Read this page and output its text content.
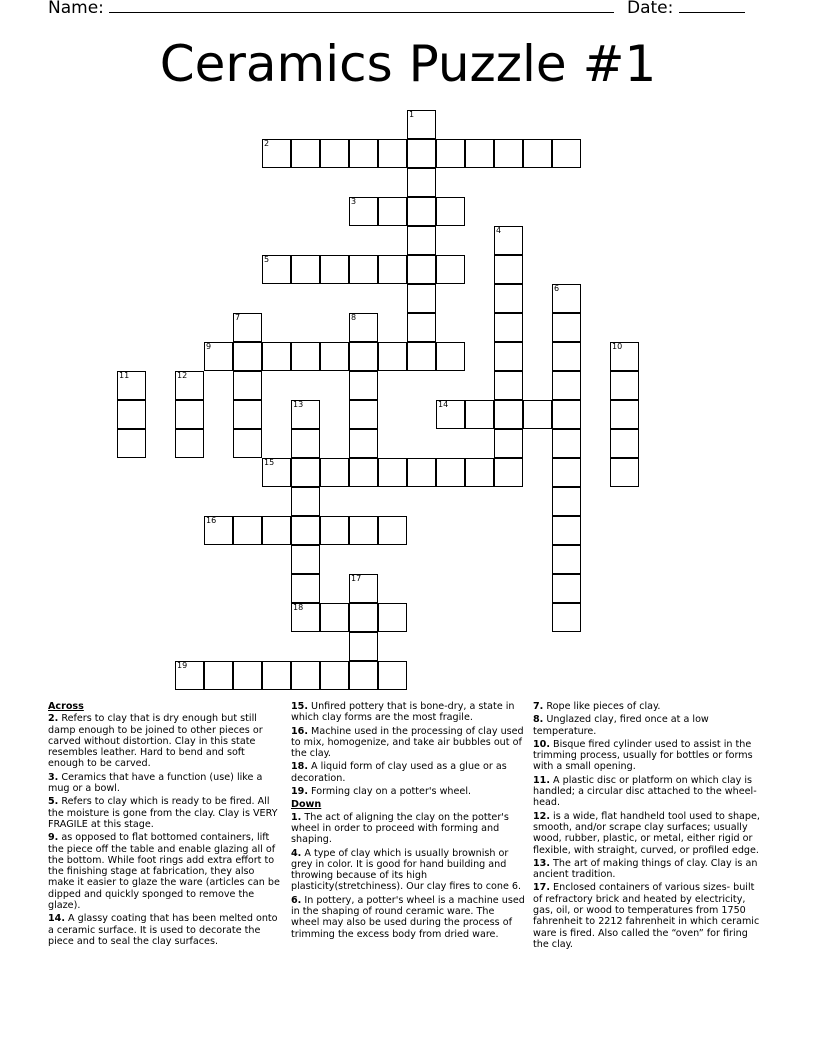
Name:	Date:
Ceramics Puzzle #1
1
2
3
4
5
6
7	8
9	10
11	12
13	14
15
16
17
18
19

Across

2. Refers to clay that is dry enough but still damp enough to be joined to other pieces or carved without distortion. Clay in this state resembles leather. Hard to bend and soft enough to be carved.

3. Ceramics that have a function (use) like a mug or a bowl.

5. Refers to clay which is ready to be fired. All the moisture is gone from the clay. Clay is VERY FRAGILE at this stage.

9. as opposed to flat bottomed containers, lift the piece off the table and enable glazing all of the bottom. While foot rings add extra effort to the finishing stage at fabrication, they also make it easier to glaze the ware (articles can be dipped and quickly sponged to remove the glaze).

14. A glassy coating that has been melted onto a ceramic surface. It is used to decorate the piece and to seal the clay surfaces.

15. Unfired pottery that is bone-dry, a state in which clay forms are the most fragile.

16. Machine used in the processing of clay used to mix, homogenize, and take air bubbles out of the clay.

18. A liquid form of clay used as a glue or as decoration.

19. Forming clay on a potter's wheel.

Down

1. The act of aligning the clay on the potter's wheel in order to proceed with forming and shaping.

4. A type of clay which is usually brownish or grey in color. It is good for hand building and throwing because of its high plasticity(stretchiness). Our clay fires to cone 6.

6. In pottery, a potter's wheel is a machine used in the shaping of round ceramic ware. The wheel may also be used during the process of trimming the excess body from dried ware.

7. Rope like pieces of clay.

8. Unglazed clay, fired once at a low temperature.

10. Bisque fired cylinder used to assist in the trimming process, usually for bottles or forms with a small opening.

11. A plastic disc or platform on which clay is handled; a circular disc attached to the wheel-head.

12. is a wide, flat handheld tool used to shape, smooth, and/or scrape clay surfaces; usually wood, rubber, plastic, or metal, either rigid or flexible, with straight, curved, or profiled edge.

13. The art of making things of clay. Clay is an ancient tradition.

17. Enclosed containers of various sizes- built of refractory brick and heated by electricity, gas, oil, or wood to temperatures from 1750 fahrenheit to 2212 fahrenheit in which ceramic ware is fired. Also called the “oven” for firing the clay.
